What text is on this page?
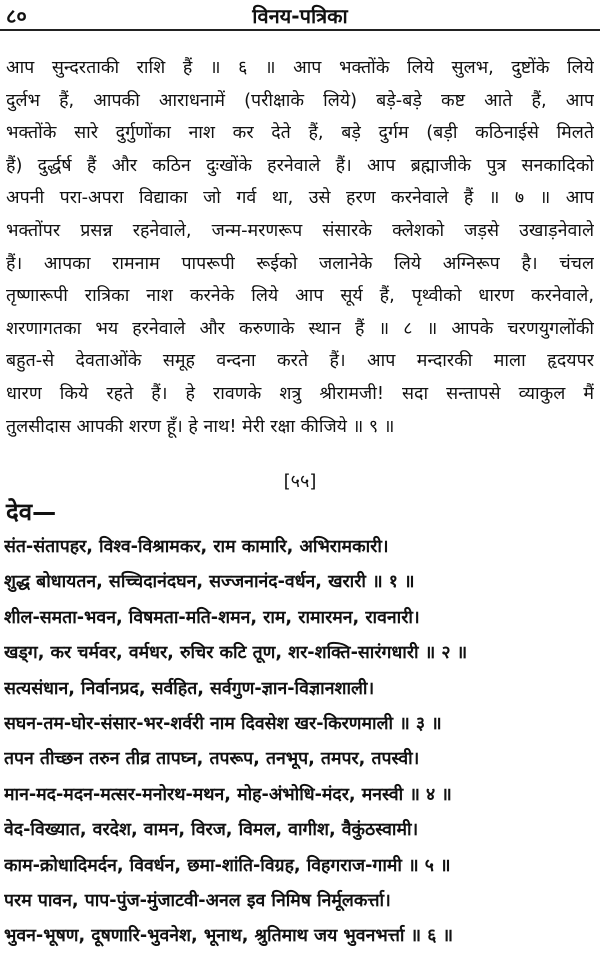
८०	विनय-पत्रिका
आप सुन्दरताकी राशि हैं ॥ ६ ॥ आप भक्तोंके लिये सुलभ, दुष्टोंके लिये
दुर्लभ हैं, आपकी आराधनामें (परीक्षाके लिये) बड़े-बड़े कष्ट आते हैं, आप
भक्तोंके सारे दुर्गुणोंका नाश कर देते हैं, बड़े दुर्गम (बड़ी कठिनाईसे मिलते
हैं) दुर्द्धर्ष हैं और कठिन दुःखोंके हरनेवाले हैं। आप ब्रह्माजीके पुत्र सनकादिको
अपनी परा-अपरा विद्याका जो गर्व था, उसे हरण करनेवाले हैं ॥ ७ ॥ आप
भक्तोंपर प्रसन्न रहनेवाले, जन्म-मरणरूप संसारके क्लेशको जड़से उखाड़नेवाले
हैं। आपका रामनाम पापरूपी रूईको जलानेके लिये अग्निरूप है। चंचल
तृष्णारूपी रात्रिका नाश करनेके लिये आप सूर्य हैं, पृथ्वीको धारण करनेवाले,
शरणागतका भय हरनेवाले और करुणाके स्थान हैं ॥ ८ ॥ आपके चरणयुगलोंकी
बहुत-से देवताओंके समूह वन्दना करते हैं। आप मन्दारकी माला हृदयपर
धारण किये रहते हैं। हे रावणके शत्रु श्रीरामजी! सदा सन्तापसे व्याकुल मैं
तुलसीदास आपकी शरण हूँ। हे नाथ! मेरी रक्षा कीजिये ॥ ९ ॥
[५५]
देव—
संत-संतापहर, विश्व-विश्रामकर, राम कामारि, अभिरामकारी।
शुद्ध बोधायतन, सच्चिदानंदघन, सज्जनानंद-वर्धन, खरारी ॥ १ ॥
शील-समता-भवन, विषमता-मति-शमन, राम, रामारमन, रावनारी।
खड्ग, कर चर्मवर, वर्मधर, रुचिर कटि तूण, शर-शक्ति-सारंगधारी ॥ २ ॥
सत्यसंधान, निर्वानप्रद, सर्वहित, सर्वगुण-ज्ञान-विज्ञानशाली।
सघन-तम-घोर-संसार-भर-शर्वरी नाम दिवसेश खर-किरणमाली ॥ ३ ॥
तपन तीच्छन तरुन तीव्र तापघ्न, तपरूप, तनभूप, तमपर, तपस्वी।
मान-मद-मदन-मत्सर-मनोरथ-मथन, मोह-अंभोधि-मंदर, मनस्वी ॥ ४ ॥
वेद-विख्यात, वरदेश, वामन, विरज, विमल, वागीश, वैकुंठस्वामी।
काम-क्रोधादिमर्दन, विवर्धन, छमा-शांति-विग्रह, विहगराज-गामी ॥ ५ ॥
परम पावन, पाप-पुंज-मुंजाटवी-अनल इव निमिष निर्मूलकर्त्ता।
भुवन-भूषण, दूषणारि-भुवनेश, भूनाथ, श्रुतिमाथ जय भुवनभर्त्ता ॥ ६ ॥
